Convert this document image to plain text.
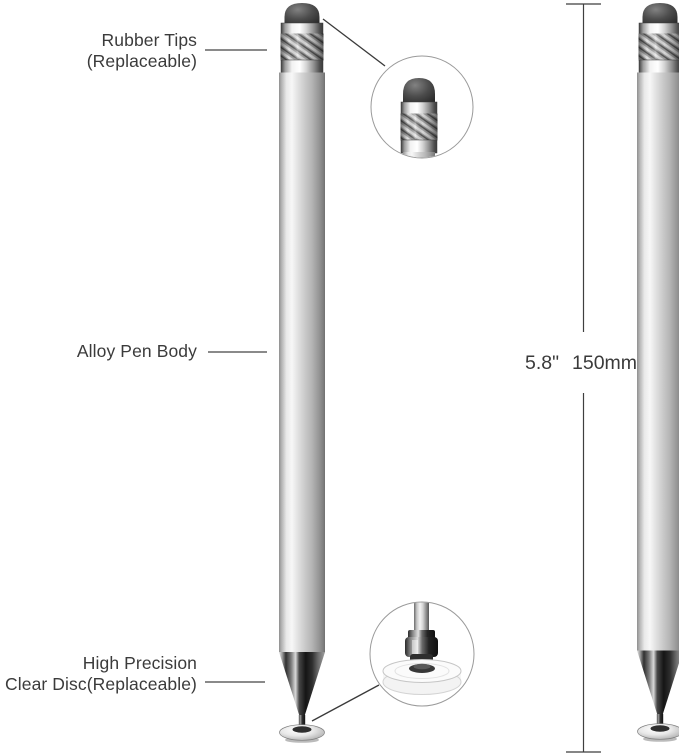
Rubber Tips
(Replaceable)
Alloy Pen Body
High Precision
Clear Disc(Replaceable)
5.8" 150mm
